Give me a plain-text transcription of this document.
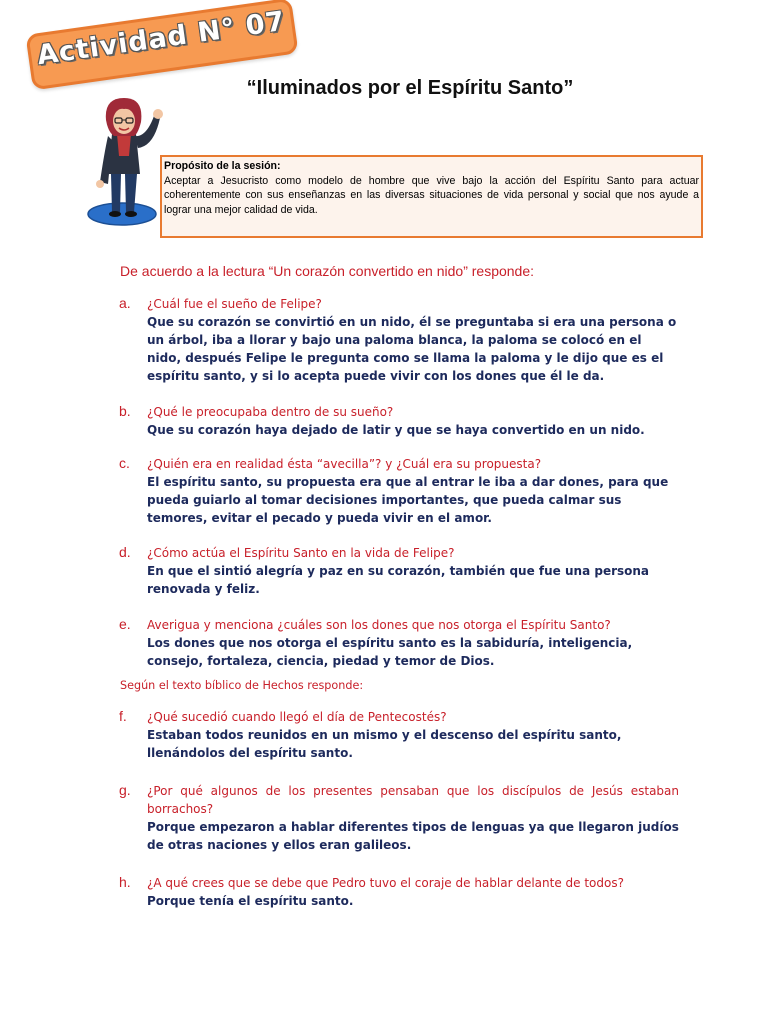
Actividad N° 07
“Iluminados por el Espíritu Santo”
Propósito de la sesión:

Aceptar a Jesucristo como modelo de hombre que vive bajo la acción del Espíritu Santo para actuar coherentemente con sus enseñanzas en las diversas situaciones de vida personal y social que nos ayude a lograr una mejor calidad de vida.

De acuerdo a la lectura “Un corazón convertido en nido” responde:
a. ¿Cuál fue el sueño de Felipe?
Que su corazón se convirtió en un nido, él se preguntaba si era una persona o un árbol, iba a llorar y bajo una paloma blanca, la paloma se colocó en el nido, después Felipe le pregunta como se llama la paloma y le dijo que es el espíritu santo, y si lo acepta puede vivir con los dones que él le da.
b. ¿Qué le preocupaba dentro de su sueño?
Que su corazón haya dejado de latir y que se haya convertido en un nido.
c. ¿Quién era en realidad ésta “avecilla”? y ¿Cuál era su propuesta?
El espíritu santo, su propuesta era que al entrar le iba a dar dones, para que pueda guiarlo al tomar decisiones importantes, que pueda calmar sus temores, evitar el pecado y pueda vivir en el amor.
d. ¿Cómo actúa el Espíritu Santo en la vida de Felipe?
En que el sintió alegría y paz en su corazón, también que fue una persona renovada y feliz.
e. Averigua y menciona ¿cuáles son los dones que nos otorga el Espíritu Santo?
Los dones que nos otorga el espíritu santo es la sabiduría, inteligencia, consejo, fortaleza, ciencia, piedad y temor de Dios.
Según el texto bíblico de Hechos responde:
f. ¿Qué sucedió cuando llegó el día de Pentecostés?
Estaban todos reunidos en un mismo y el descenso del espíritu santo, llenándolos del espíritu santo.
g. ¿Por qué algunos de los presentes pensaban que los discípulos de Jesús estaban borrachos?
Porque empezaron a hablar diferentes tipos de lenguas ya que llegaron judíos de otras naciones y ellos eran galileos.
h. ¿A qué crees que se debe que Pedro tuvo el coraje de hablar delante de todos?
Porque tenía el espíritu santo.
